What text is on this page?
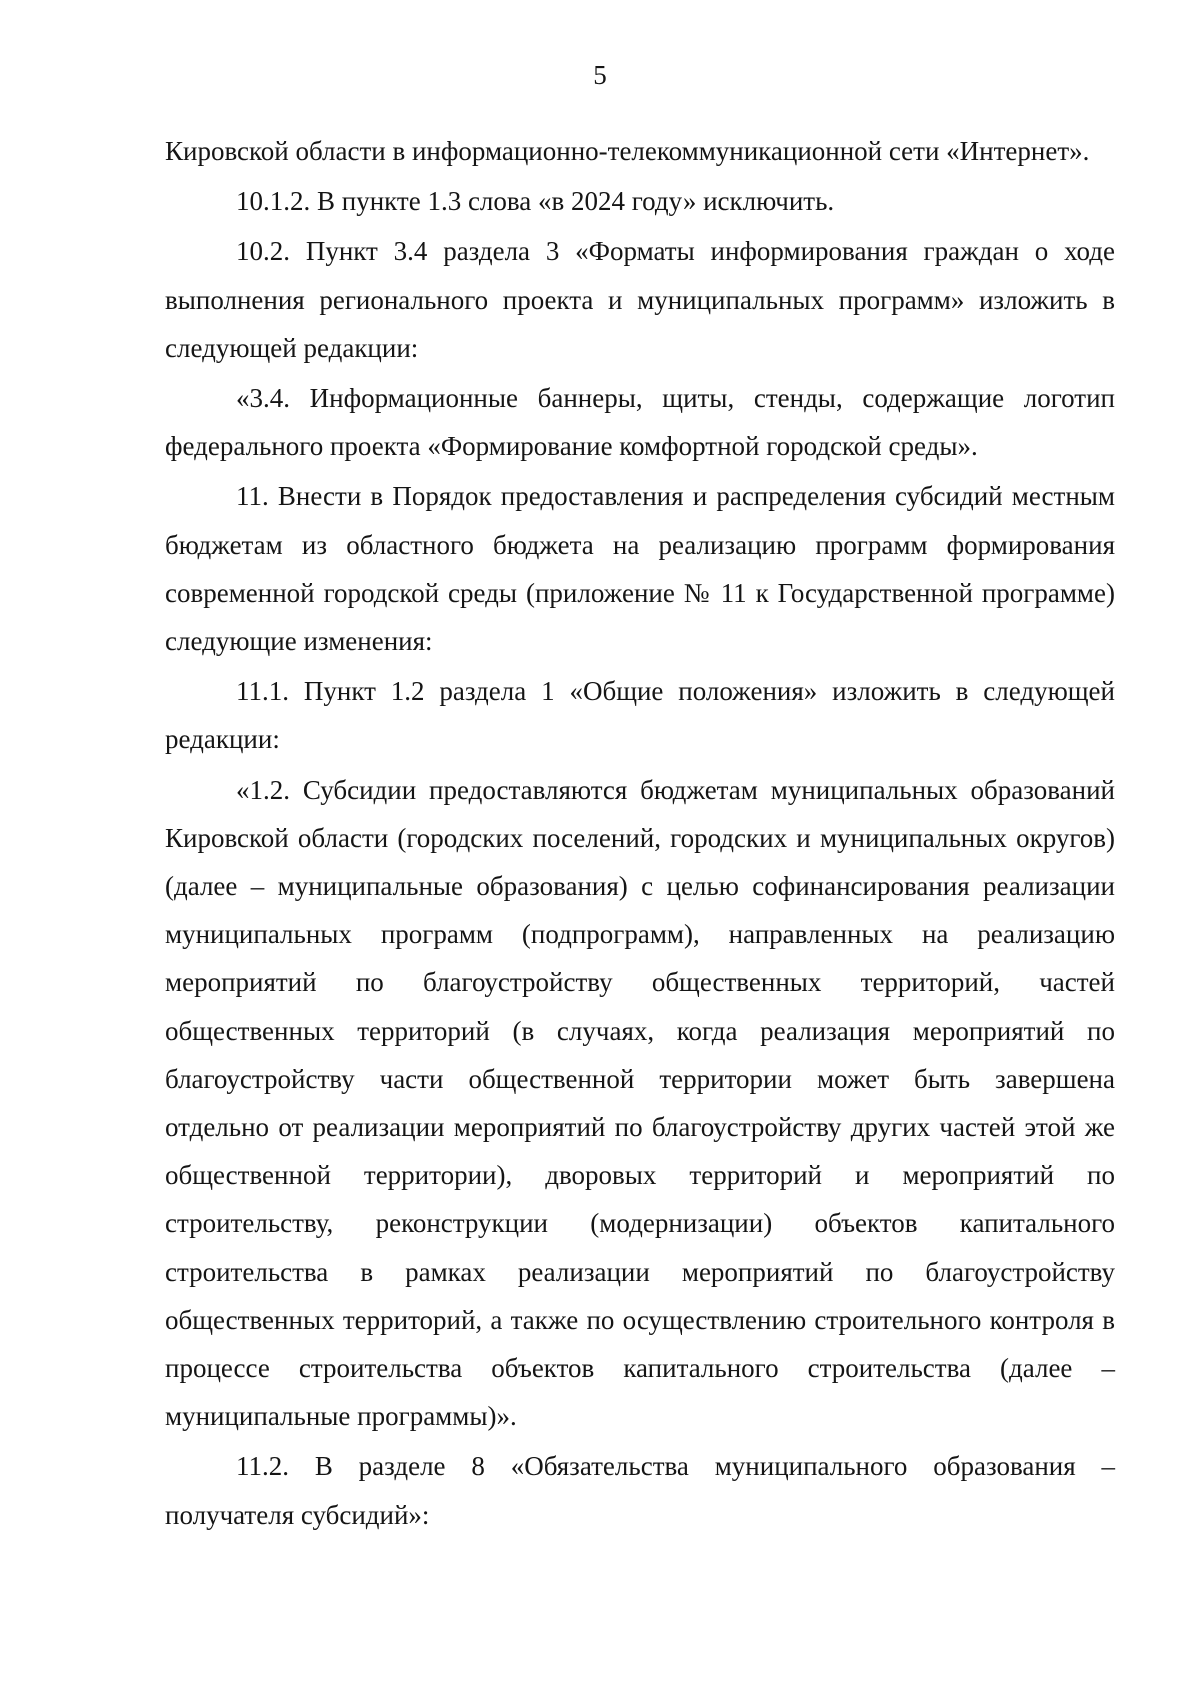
5

Кировской области в информационно-телекоммуникационной сети «Интернет».

10.1.2. В пункте 1.3 слова «в 2024 году» исключить.

10.2. Пункт 3.4 раздела 3 «Форматы информирования граждан о ходе выполнения регионального проекта и муниципальных программ» изложить в следующей редакции:

«3.4. Информационные баннеры, щиты, стенды, содержащие логотип федерального проекта «Формирование комфортной городской среды».

11. Внести в Порядок предоставления и распределения субсидий местным бюджетам из областного бюджета на реализацию программ формирования современной городской среды (приложение № 11 к Государственной программе) следующие изменения:

11.1. Пункт 1.2 раздела 1 «Общие положения» изложить в следующей редакции:

«1.2. Субсидии предоставляются бюджетам муниципальных образований Кировской области (городских поселений, городских и муниципальных округов) (далее – муниципальные образования) с целью софинансирования реализации муниципальных программ (подпрограмм), направленных на реализацию мероприятий по благоустройству общественных территорий, частей общественных территорий (в случаях, когда реализация мероприятий по благоустройству части общественной территории может быть завершена отдельно от реализации мероприятий по благоустройству других частей этой же общественной территории), дворовых территорий и мероприятий по строительству, реконструкции (модернизации) объектов капитального строительства в рамках реализации мероприятий по благоустройству общественных территорий, а также по осуществлению строительного контроля в процессе строительства объектов капитального строительства (далее – муниципальные программы)».

11.2. В разделе 8 «Обязательства муниципального образования – получателя субсидий»:
